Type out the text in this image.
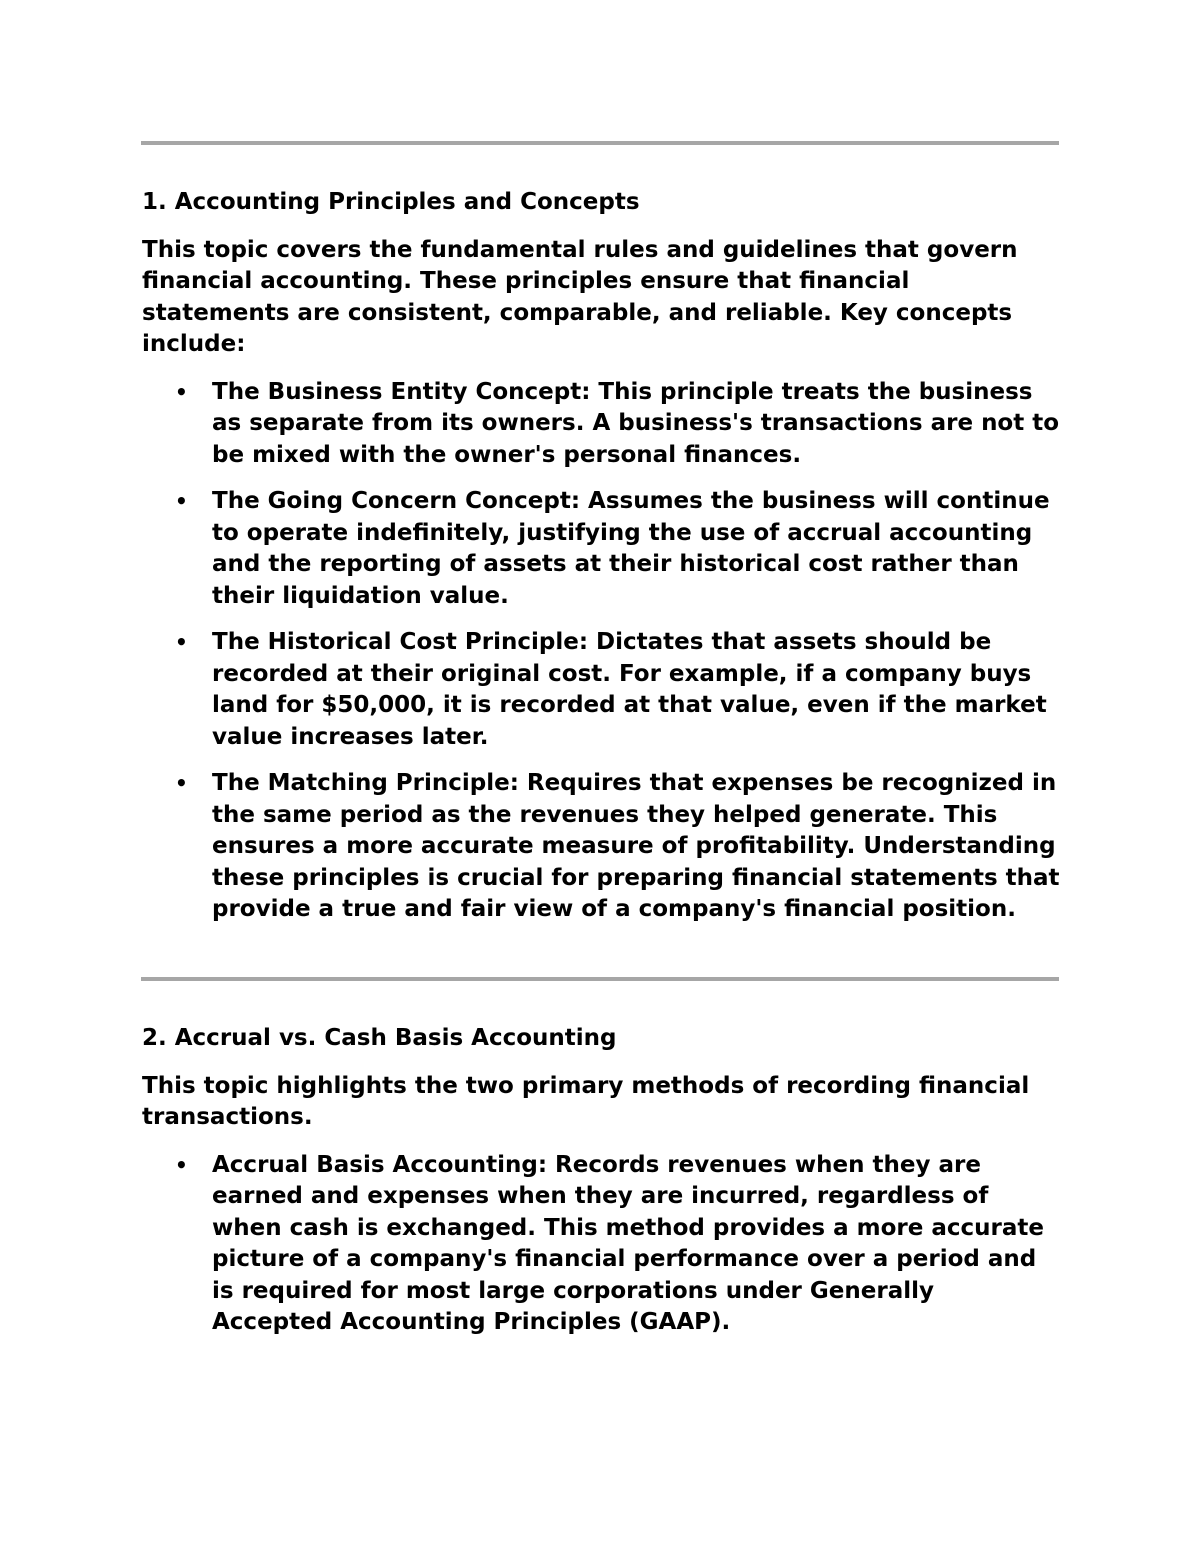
1. Accounting Principles and Concepts

This topic covers the fundamental rules and guidelines that govern financial accounting. These principles ensure that financial statements are consistent, comparable, and reliable. Key concepts include:

• The Business Entity Concept: This principle treats the business as separate from its owners. A business's transactions are not to be mixed with the owner's personal finances.
• The Going Concern Concept: Assumes the business will continue to operate indefinitely, justifying the use of accrual accounting and the reporting of assets at their historical cost rather than their liquidation value.
• The Historical Cost Principle: Dictates that assets should be recorded at their original cost. For example, if a company buys land for $50,000, it is recorded at that value, even if the market value increases later.
• The Matching Principle: Requires that expenses be recognized in the same period as the revenues they helped generate. This ensures a more accurate measure of profitability. Understanding these principles is crucial for preparing financial statements that provide a true and fair view of a company's financial position.

2. Accrual vs. Cash Basis Accounting

This topic highlights the two primary methods of recording financial transactions.

• Accrual Basis Accounting: Records revenues when they are earned and expenses when they are incurred, regardless of when cash is exchanged. This method provides a more accurate picture of a company's financial performance over a period and is required for most large corporations under Generally Accepted Accounting Principles (GAAP).
